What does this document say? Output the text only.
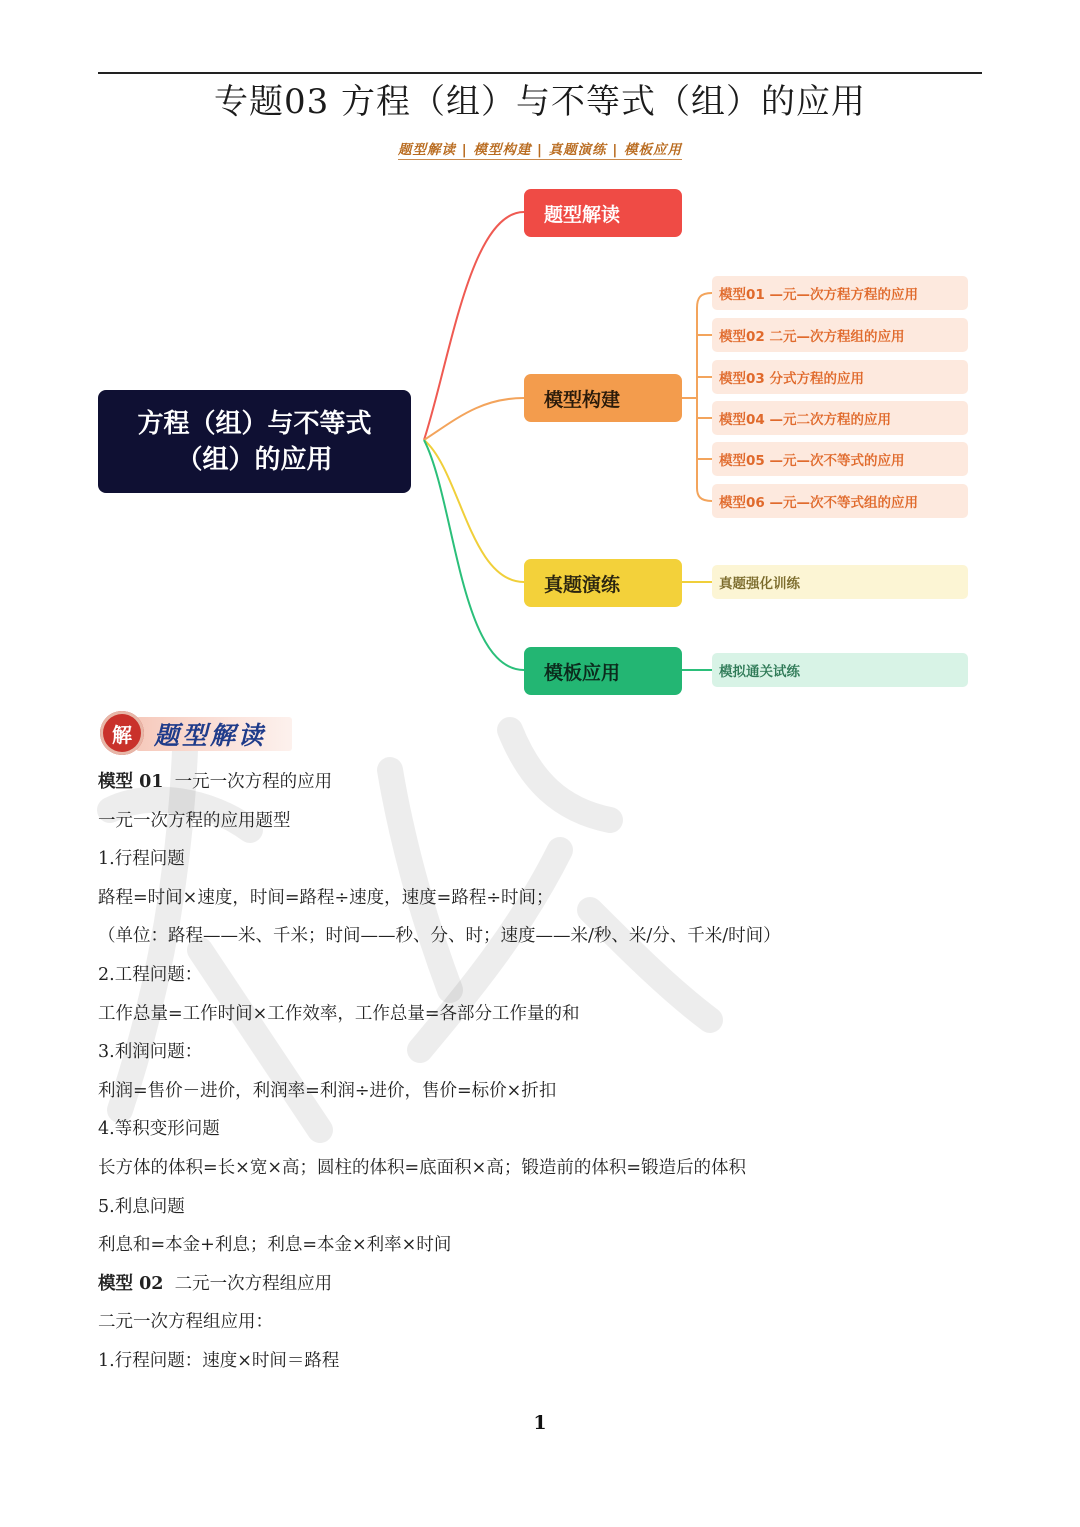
专题03 方程（组）与不等式（组）的应用
题型解读 | 模型构建 | 真题演练 | 模板应用
方程（组）与不等式
（组）的应用
题型解读
模型构建
真题演练
模板应用
模型01 —元—次方程方程的应用
模型02 二元—次方程组的应用
模型03 分式方程的应用
模型04 —元二次方程的应用
模型05 —元—次不等式的应用
模型06 —元—次不等式组的应用
真题强化训练
模拟通关试练
解 题型解读
模型 01 一元一次方程的应用
一元一次方程的应用题型
1.行程问题
路程=时间×速度，时间=路程÷速度，速度=路程÷时间；
（单位：路程——米、千米；时间——秒、分、时；速度——米/秒、米/分、千米/时间）
2.工程问题：
工作总量=工作时间×工作效率，工作总量=各部分工作量的和
3.利润问题：
利润=售价－进价，利润率=利润÷进价，售价=标价×折扣
4.等积变形问题
长方体的体积=长×宽×高；圆柱的体积=底面积×高；锻造前的体积=锻造后的体积
5.利息问题
利息和=本金+利息；利息=本金×利率×时间
模型 02 二元一次方程组应用
二元一次方程组应用：
1.行程问题：速度×时间＝路程
1
